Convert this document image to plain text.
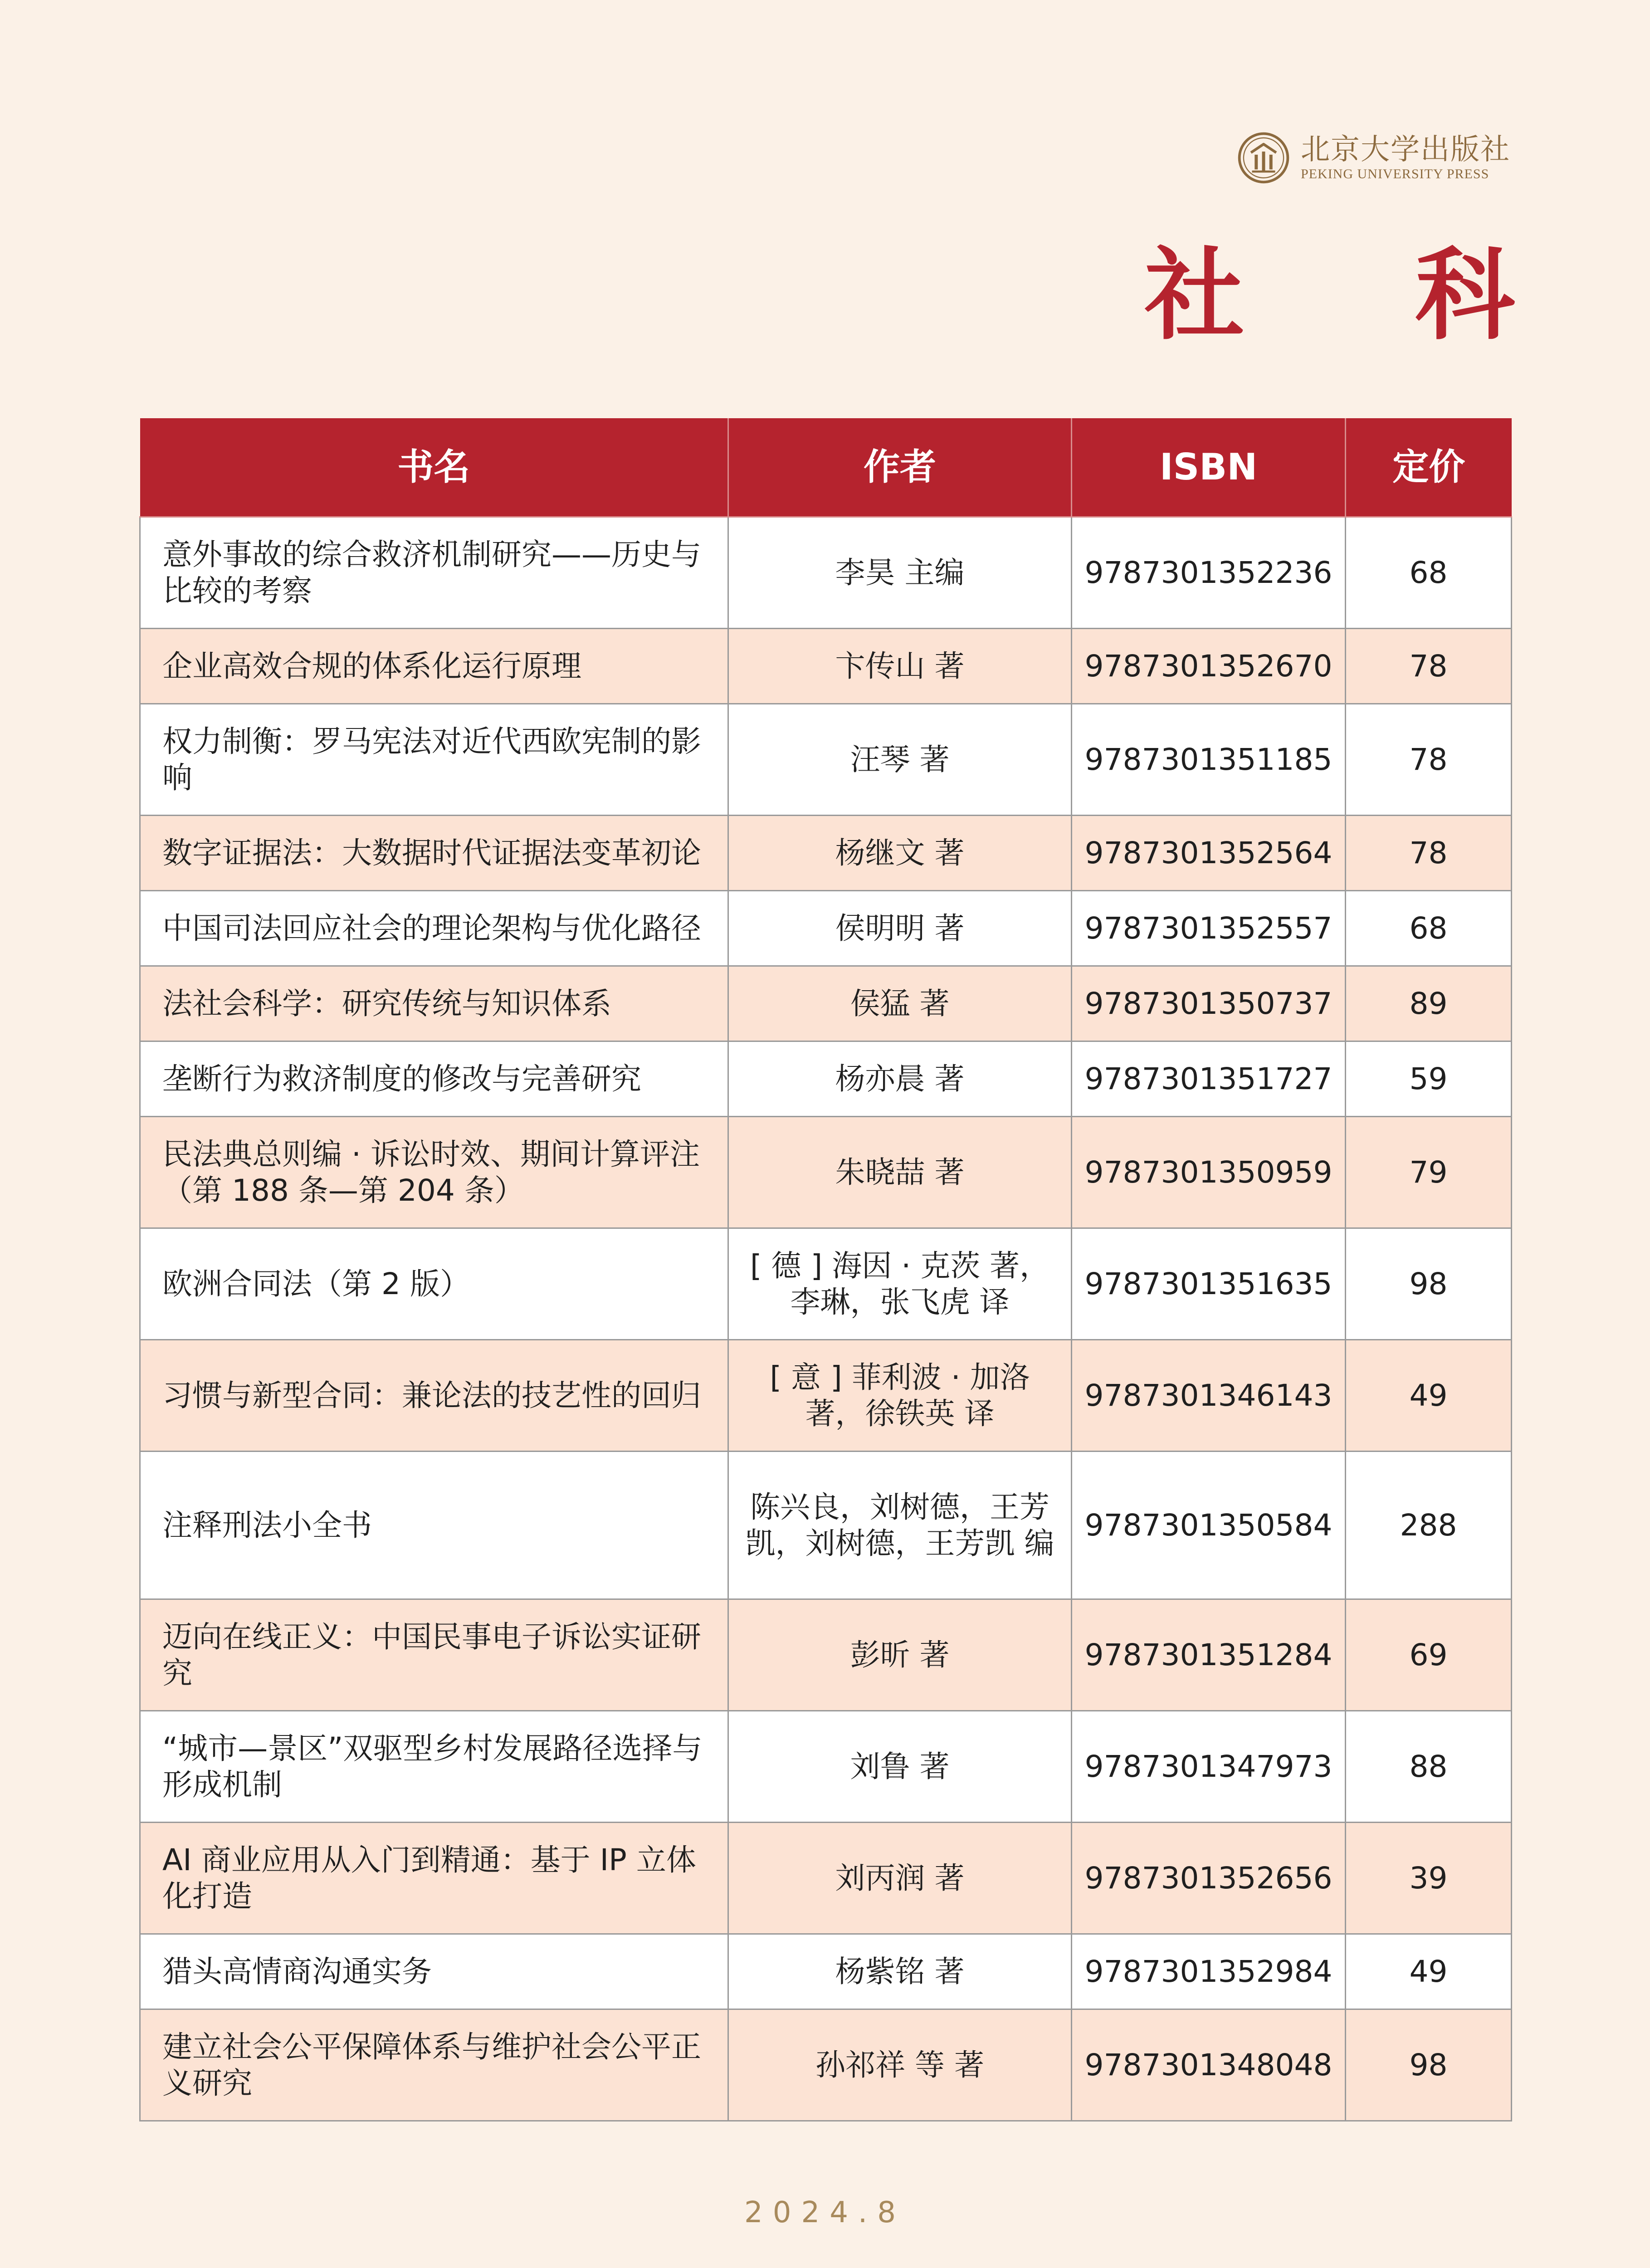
北京大学出版社
PEKING UNIVERSITY PRESS
社 科
书名	作者	ISBN	定价
意外事故的综合救济机制研究——历史与比较的考察	李昊 主编	9787301352236	68
企业高效合规的体系化运行原理	卞传山 著	9787301352670	78
权力制衡：罗马宪法对近代西欧宪制的影响	汪琴 著	9787301351185	78
数字证据法：大数据时代证据法变革初论	杨继文 著	9787301352564	78
中国司法回应社会的理论架构与优化路径	侯明明 著	9787301352557	68
法社会科学：研究传统与知识体系	侯猛 著	9787301350737	89
垄断行为救济制度的修改与完善研究	杨亦晨 著	9787301351727	59
民法典总则编 · 诉讼时效、期间计算评注（第 188 条—第 204 条）	朱晓喆 著	9787301350959	79
欧洲合同法（第 2 版）	[ 德 ] 海因 · 克茨 著，李琳，张飞虎 译	9787301351635	98
习惯与新型合同：兼论法的技艺性的回归	[ 意 ] 菲利波 · 加洛 著，徐铁英 译	9787301346143	49
注释刑法小全书	陈兴良，刘树德，王芳凯，刘树德，王芳凯 编	9787301350584	288
迈向在线正义：中国民事电子诉讼实证研究	彭昕 著	9787301351284	69
“城市—景区”双驱型乡村发展路径选择与形成机制	刘鲁 著	9787301347973	88
AI 商业应用从入门到精通：基于 IP 立体化打造	刘丙润 著	9787301352656	39
猎头高情商沟通实务	杨紫铭 著	9787301352984	49
建立社会公平保障体系与维护社会公平正义研究	孙祁祥 等 著	9787301348048	98
2024.8
